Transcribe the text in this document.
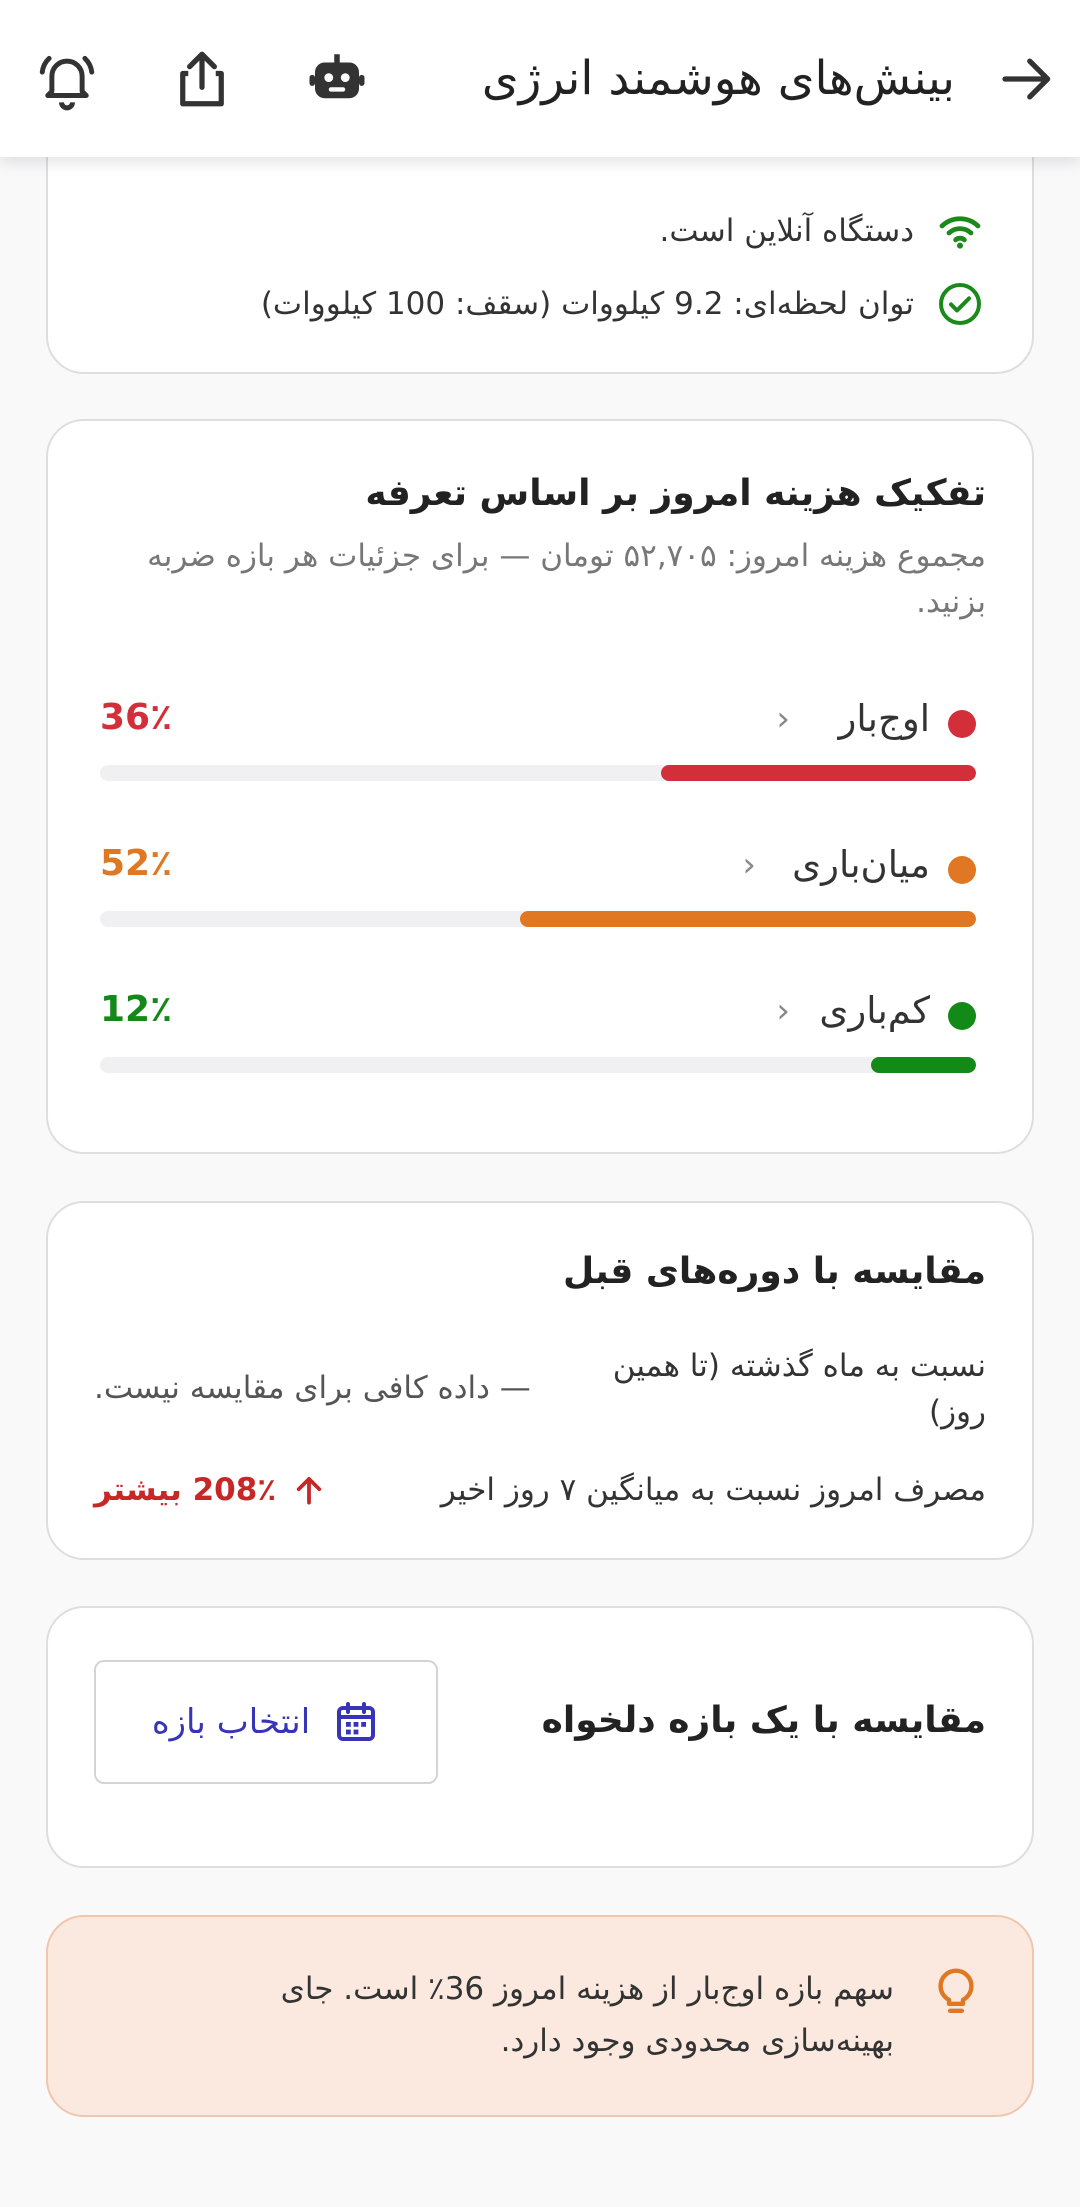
بینش‌های هوشمند انرژی
دستگاه آنلاین است.
توان لحظه‌ای: 9.2 کیلووات (سقف: 100 کیلووات)
تفکیک هزینه امروز بر اساس تعرفه
مجموع هزینه امروز: ۵۲,۷۰۵ تومان — برای جزئیات هر بازه ضربه بزنید.
اوج‌بار
‹
36٪
میان‌باری
‹
52٪
کم‌باری
‹
12٪
مقایسه با دوره‌های قبل
نسبت به ماه گذشته (تا همین روز)
— داده کافی برای مقایسه نیست.
مصرف امروز نسبت به میانگین ۷ روز اخیر
208٪ بیشتر
مقایسه با یک بازه دلخواه
انتخاب بازه
سهم بازه اوج‌بار از هزینه امروز 36٪ است. جای بهینه‌سازی محدودی وجود دارد.
